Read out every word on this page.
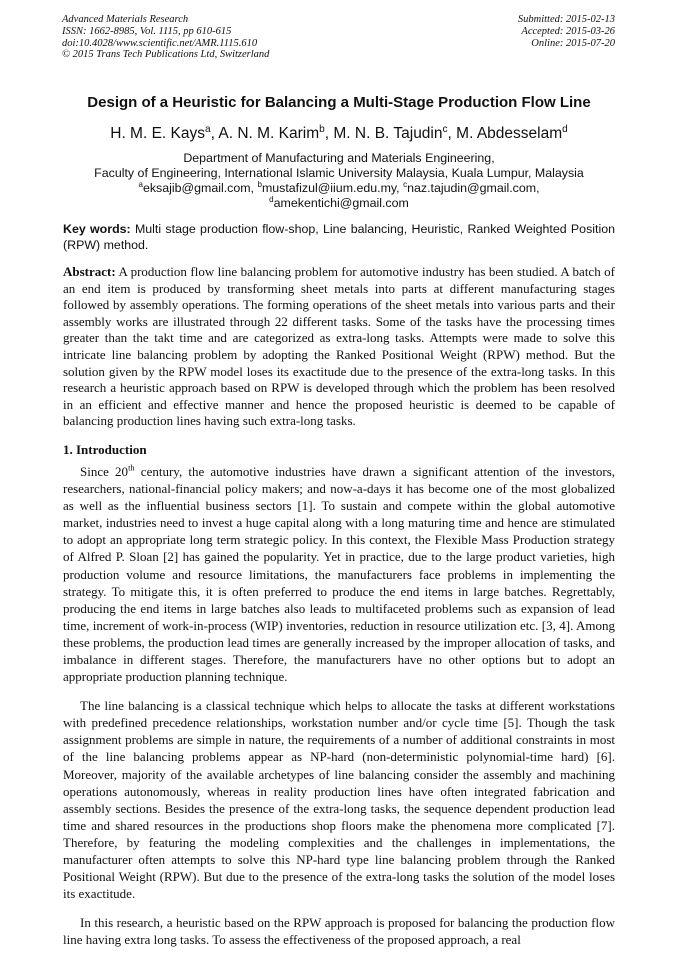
Advanced Materials Research
ISSN: 1662-8985, Vol. 1115, pp 610-615
doi:10.4028/www.scientific.net/AMR.1115.610
© 2015 Trans Tech Publications Ltd, Switzerland
Submitted: 2015-02-13
Accepted: 2015-03-26
Online: 2015-07-20
Design of a Heuristic for Balancing a Multi-Stage Production Flow Line
H. M. E. Kays$^a$, A. N. M. Karim$^b$, M. N. B. Tajudin$^c$, M. Abdesselam$^d$
Department of Manufacturing and Materials Engineering,
Faculty of Engineering, International Islamic University Malaysia, Kuala Lumpur, Malaysia
$^a$eksajib@gmail.com, $^b$mustafizul@iium.edu.my, $^c$naz.tajudin@gmail.com,
$^d$amekentichi@gmail.com
Key words: Multi stage production flow-shop, Line balancing, Heuristic, Ranked Weighted Position (RPW) method.
Abstract: A production flow line balancing problem for automotive industry has been studied. A batch of an end item is produced by transforming sheet metals into parts at different manufacturing stages followed by assembly operations. The forming operations of the sheet metals into various parts and their assembly works are illustrated through 22 different tasks. Some of the tasks have the processing times greater than the takt time and are categorized as extra-long tasks. Attempts were made to solve this intricate line balancing problem by adopting the Ranked Positional Weight (RPW) method. But the solution given by the RPW model loses its exactitude due to the presence of the extra-long tasks. In this research a heuristic approach based on RPW is developed through which the problem has been resolved in an efficient and effective manner and hence the proposed heuristic is deemed to be capable of balancing production lines having such extra-long tasks.
1. Introduction
Since 20th century, the automotive industries have drawn a significant attention of the investors, researchers, national-financial policy makers; and now-a-days it has become one of the most globalized as well as the influential business sectors [1]. To sustain and compete within the global automotive market, industries need to invest a huge capital along with a long maturing time and hence are stimulated to adopt an appropriate long term strategic policy. In this context, the Flexible Mass Production strategy of Alfred P. Sloan [2] has gained the popularity. Yet in practice, due to the large product varieties, high production volume and resource limitations, the manufacturers face problems in implementing the strategy. To mitigate this, it is often preferred to produce the end items in large batches. Regrettably, producing the end items in large batches also leads to multifaceted problems such as expansion of lead time, increment of work-in-process (WIP) inventories, reduction in resource utilization etc. [3, 4]. Among these problems, the production lead times are generally increased by the improper allocation of tasks, and imbalance in different stages. Therefore, the manufacturers have no other options but to adopt an appropriate production planning technique.
The line balancing is a classical technique which helps to allocate the tasks at different workstations with predefined precedence relationships, workstation number and/or cycle time [5]. Though the task assignment problems are simple in nature, the requirements of a number of additional constraints in most of the line balancing problems appear as NP-hard (non-deterministic polynomial-time hard) [6]. Moreover, majority of the available archetypes of line balancing consider the assembly and machining operations autonomously, whereas in reality production lines have often integrated fabrication and assembly sections. Besides the presence of the extra-long tasks, the sequence dependent production lead time and shared resources in the productions shop floors make the phenomena more complicated [7]. Therefore, by featuring the modeling complexities and the challenges in implementations, the manufacturer often attempts to solve this NP-hard type line balancing problem through the Ranked Positional Weight (RPW). But due to the presence of the extra-long tasks the solution of the model loses its exactitude.
In this research, a heuristic based on the RPW approach is proposed for balancing the production flow line having extra long tasks. To assess the effectiveness of the proposed approach, a real
